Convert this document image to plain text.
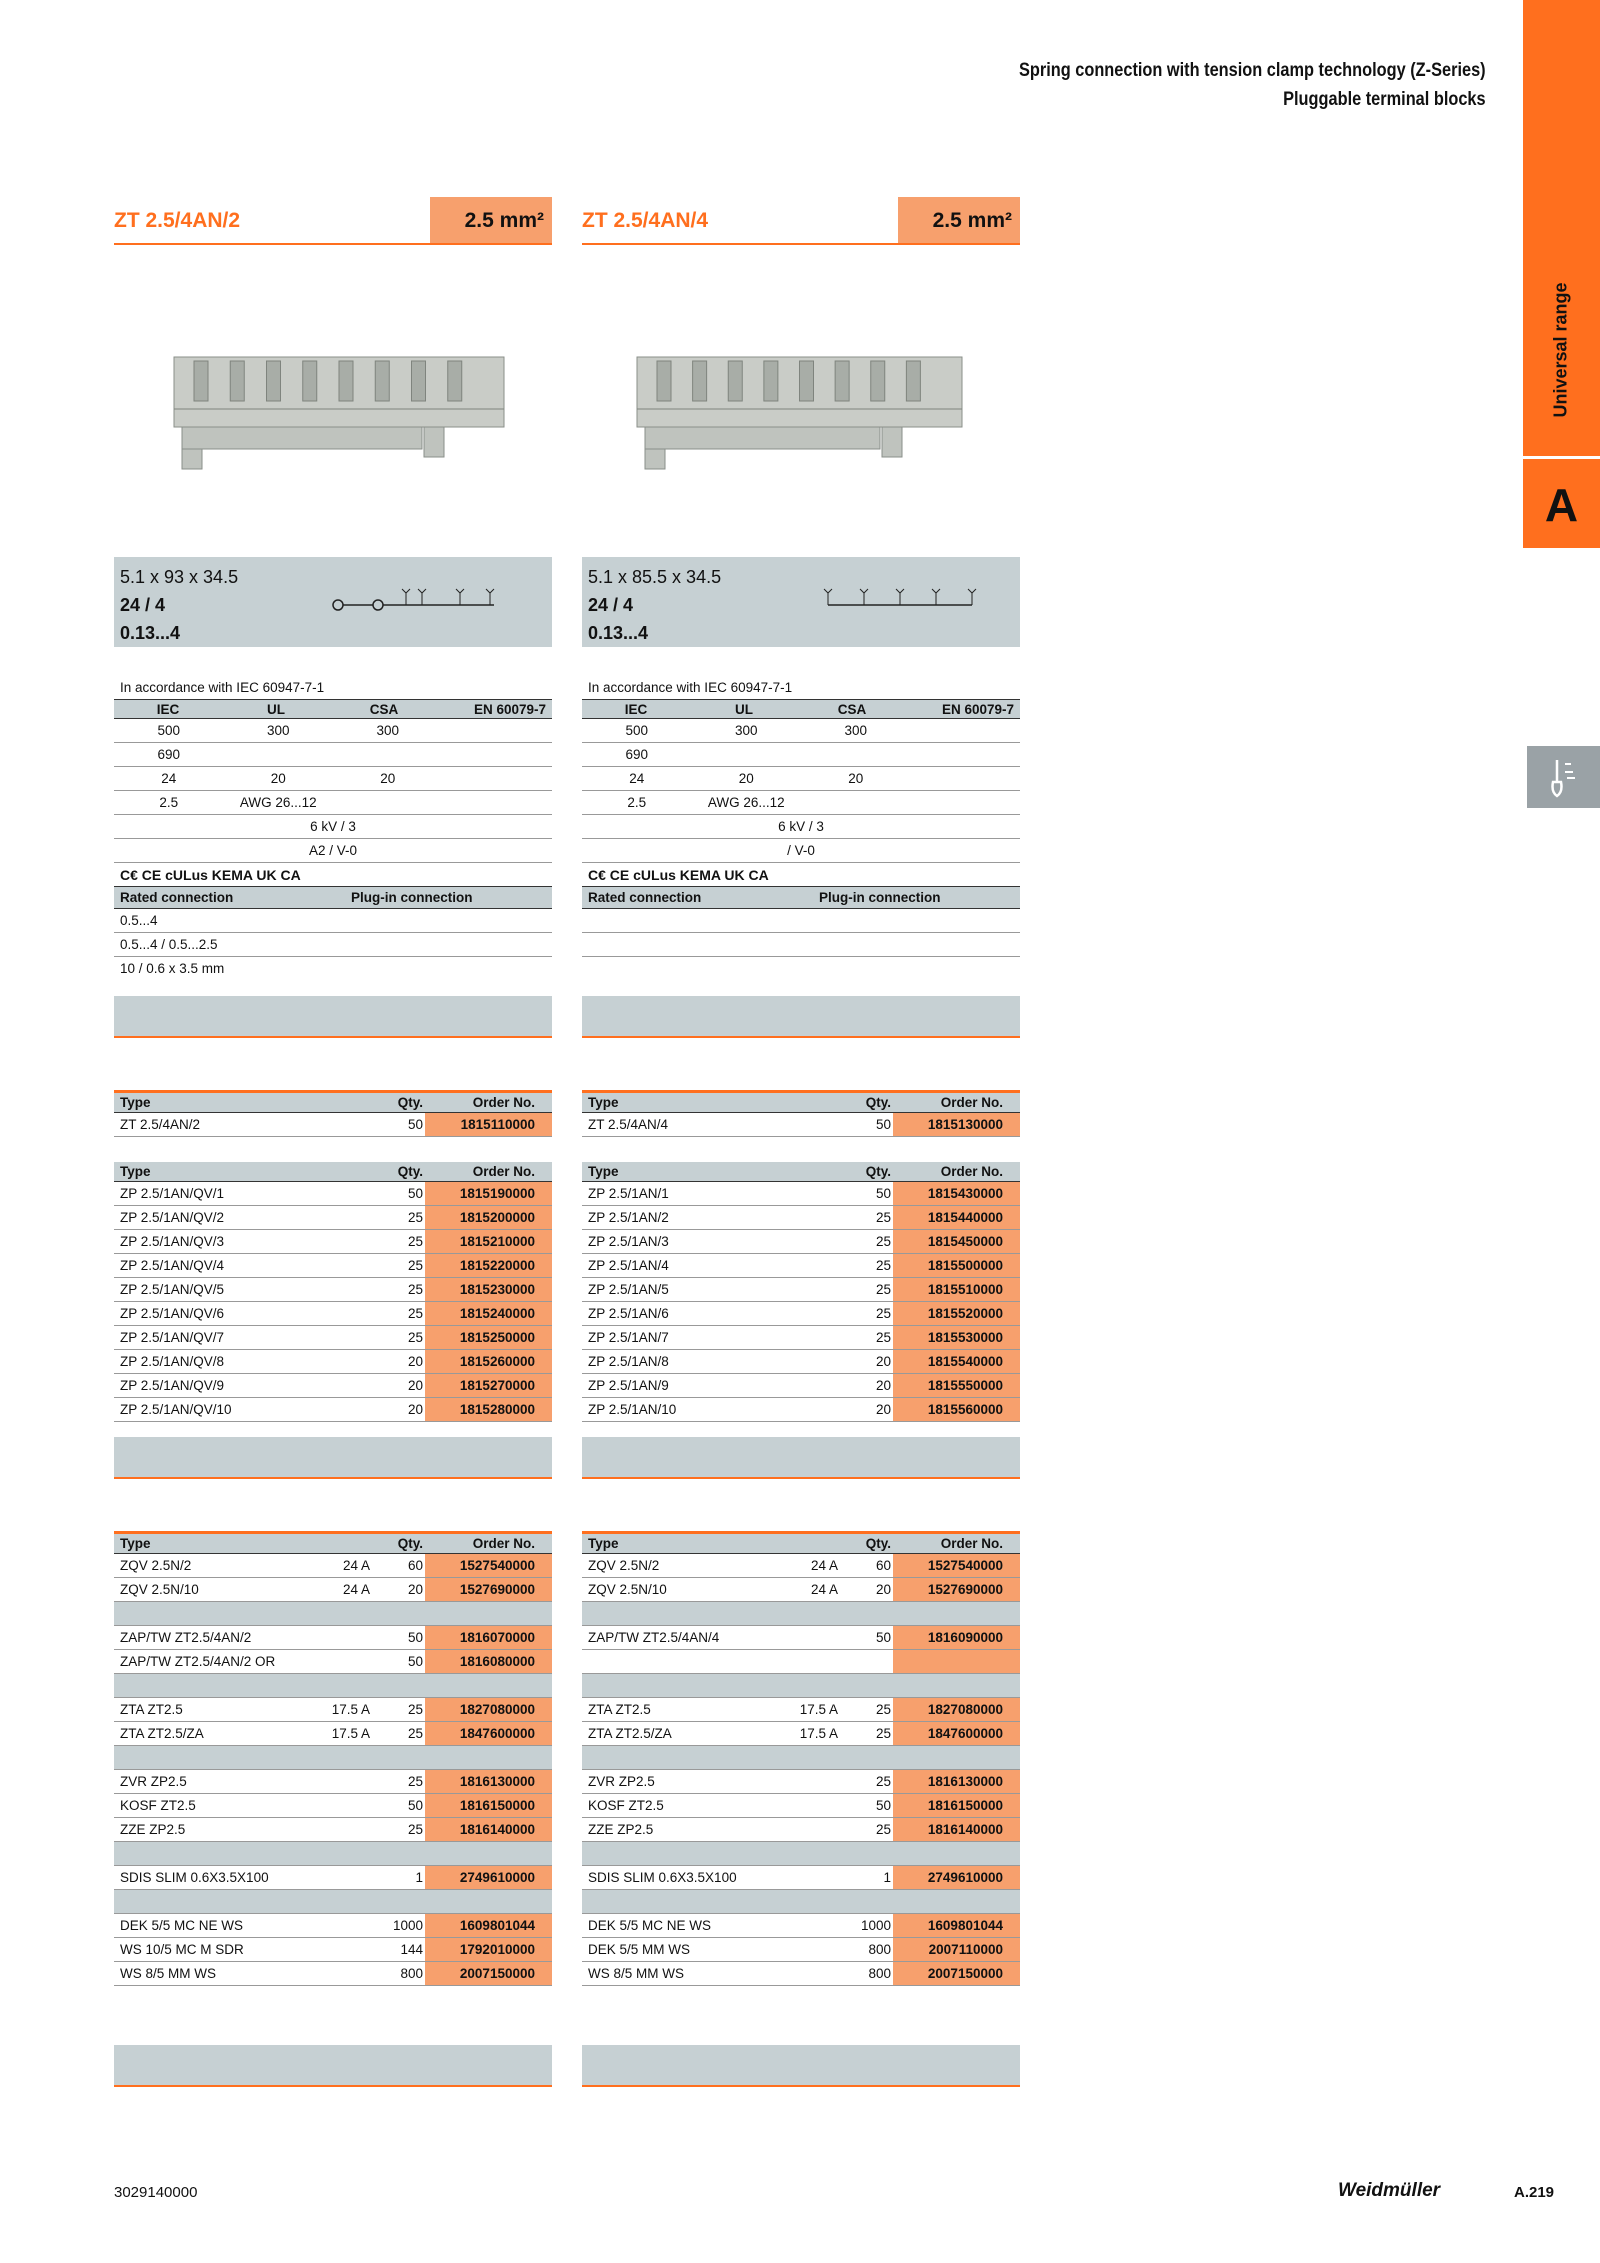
Spring connection with tension clamp technology (Z-Series)
Pluggable terminal blocks
Universal range
A
ZT 2.5/4AN/2	2.5 mm²
5.1 x 93 x 34.5
24 / 4
0.13...4
In accordance with IEC 60947-7-1
IEC	UL	CSA	EN 60079-7
500	300	300
690
24	20	20
2.5	AWG 26...12
6 kV / 3
A2 / V-0
C€ CE cULus KEMA UK CA
Rated connection	Plug-in connection
0.5...4
0.5...4 / 0.5...2.5
10 / 0.6 x 3.5 mm
Type	Qty.	Order No.
ZT 2.5/4AN/2	50	1815110000
Type	Qty.	Order No.
ZP 2.5/1AN/QV/1	50	1815190000
ZP 2.5/1AN/QV/2	25	1815200000
ZP 2.5/1AN/QV/3	25	1815210000
ZP 2.5/1AN/QV/4	25	1815220000
ZP 2.5/1AN/QV/5	25	1815230000
ZP 2.5/1AN/QV/6	25	1815240000
ZP 2.5/1AN/QV/7	25	1815250000
ZP 2.5/1AN/QV/8	20	1815260000
ZP 2.5/1AN/QV/9	20	1815270000
ZP 2.5/1AN/QV/10	20	1815280000
Type	Qty.	Order No.
ZQV 2.5N/2	24 A	60	1527540000
ZQV 2.5N/10	24 A	20	1527690000
ZAP/TW ZT2.5/4AN/2	50	1816070000
ZAP/TW ZT2.5/4AN/2 OR	50	1816080000
ZTA ZT2.5	17.5 A	25	1827080000
ZTA ZT2.5/ZA	17.5 A	25	1847600000
ZVR ZP2.5	25	1816130000
KOSF ZT2.5	50	1816150000
ZZE ZP2.5	25	1816140000
SDIS SLIM 0.6X3.5X100	1	2749610000
DEK 5/5 MC NE WS	1000	1609801044
WS 10/5 MC M SDR	144	1792010000
WS 8/5 MM WS	800	2007150000
ZT 2.5/4AN/4	2.5 mm²
5.1 x 85.5 x 34.5
24 / 4
0.13...4
In accordance with IEC 60947-7-1
IEC	UL	CSA	EN 60079-7
500	300	300
690
24	20	20
2.5	AWG 26...12
6 kV / 3
/ V-0
C€ CE cULus KEMA UK CA
Rated connection	Plug-in connection
Type	Qty.	Order No.
ZT 2.5/4AN/4	50	1815130000
Type	Qty.	Order No.
ZP 2.5/1AN/1	50	1815430000
ZP 2.5/1AN/2	25	1815440000
ZP 2.5/1AN/3	25	1815450000
ZP 2.5/1AN/4	25	1815500000
ZP 2.5/1AN/5	25	1815510000
ZP 2.5/1AN/6	25	1815520000
ZP 2.5/1AN/7	25	1815530000
ZP 2.5/1AN/8	20	1815540000
ZP 2.5/1AN/9	20	1815550000
ZP 2.5/1AN/10	20	1815560000
Type	Qty.	Order No.
ZQV 2.5N/2	24 A	60	1527540000
ZQV 2.5N/10	24 A	20	1527690000
ZAP/TW ZT2.5/4AN/4	50	1816090000
ZTA ZT2.5	17.5 A	25	1827080000
ZTA ZT2.5/ZA	17.5 A	25	1847600000
ZVR ZP2.5	25	1816130000
KOSF ZT2.5	50	1816150000
ZZE ZP2.5	25	1816140000
SDIS SLIM 0.6X3.5X100	1	2749610000
DEK 5/5 MC NE WS	1000	1609801044
DEK 5/5 MM WS	800	2007110000
WS 8/5 MM WS	800	2007150000
3029140000	Weidmüller	A.219
